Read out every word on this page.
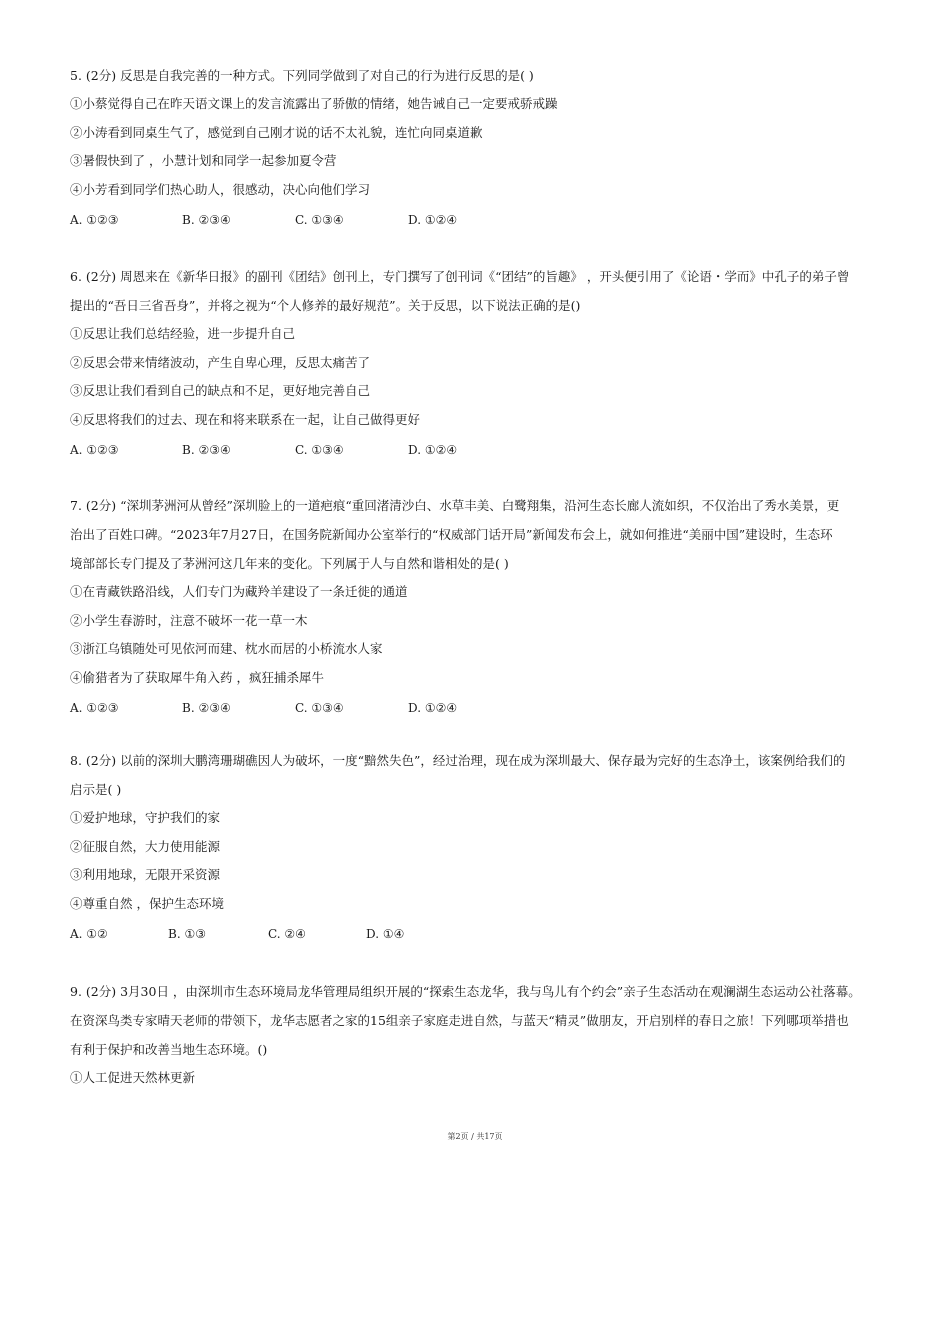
5. (2分) 反思是自我完善的一种方式。下列同学做到了对自己的行为进行反思的是( )
①小蔡觉得自己在昨天语文课上的发言流露出了骄傲的情绪，她告诫自己一定要戒骄戒躁
②小涛看到同桌生气了，感觉到自己刚才说的话不太礼貌，连忙向同桌道歉
③暑假快到了 ，小慧计划和同学一起参加夏令营
④小芳看到同学们热心助人，很感动，决心向他们学习
A. ①②③	B. ②③④	C. ①③④	D. ①②④
6. (2分) 周恩来在《新华日报》的副刊《团结》创刊上，专门撰写了创刊词《“团结”的旨趣》 ，开头便引用了《论语・学而》中孔子的弟子曾
提出的“吾日三省吾身”，并将之视为“个人修养的最好规范”。关于反思，以下说法正确的是()
①反思让我们总结经验，进一步提升自己
②反思会带来情绪波动，产生自卑心理，反思太痛苦了
③反思让我们看到自己的缺点和不足，更好地完善自己
④反思将我们的过去、现在和将来联系在一起，让自己做得更好
A. ①②③	B. ②③④	C. ①③④	D. ①②④
7. (2分) “深圳茅洲河从曾经”深圳脸上的一道疤痕“重回渚清沙白、水草丰美、白鹭翔集，沿河生态长廊人流如织，不仅治出了秀水美景，更
治出了百姓口碑。“2023年7月27日，在国务院新闻办公室举行的“权威部门话开局”新闻发布会上，就如何推进“美丽中国”建设时，生态环
境部部长专门提及了茅洲河这几年来的变化。下列属于人与自然和谐相处的是( )
①在青藏铁路沿线，人们专门为藏羚羊建设了一条迁徙的通道
②小学生春游时，注意不破坏一花一草一木
③浙江乌镇随处可见依河而建、枕水而居的小桥流水人家
④偷猎者为了获取犀牛角入药 ，疯狂捕杀犀牛
A. ①②③	B. ②③④	C. ①③④	D. ①②④
8. (2分) 以前的深圳大鹏湾珊瑚礁因人为破坏，一度“黯然失色”，经过治理，现在成为深圳最大、保存最为完好的生态净土，该案例给我们的
启示是( )
①爱护地球，守护我们的家
②征服自然，大力使用能源
③利用地球，无限开采资源
④尊重自然 ，保护生态环境
A. ①②	B. ①③	C. ②④	D. ①④
9. (2分) 3月30日 ，由深圳市生态环境局龙华管理局组织开展的“探索生态龙华，我与鸟儿有个约会”亲子生态活动在观澜湖生态运动公社落幕。
在资深鸟类专家晴天老师的带领下，龙华志愿者之家的15组亲子家庭走进自然，与蓝天“精灵”做朋友，开启别样的春日之旅！下列哪项举措也
有利于保护和改善当地生态环境。()
①人工促进天然林更新
第2页 / 共17页
